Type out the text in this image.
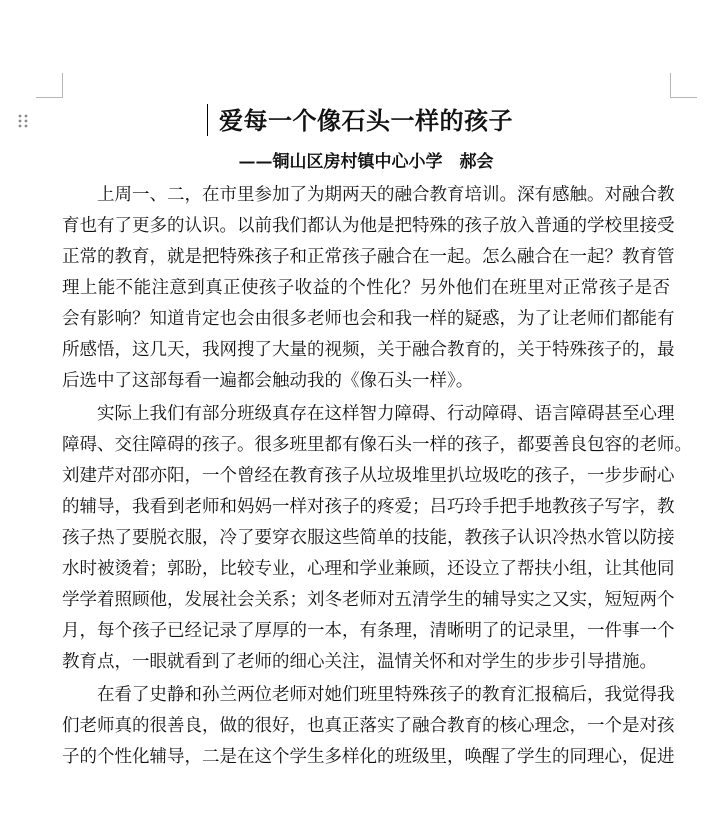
爱每一个像石头一样的孩子
——铜山区房村镇中心小学　郝会

上周一、二，在市里参加了为期两天的融合教育培训。深有感触。对融合教
育也有了更多的认识。以前我们都认为他是把特殊的孩子放入普通的学校里接受
正常的教育，就是把特殊孩子和正常孩子融合在一起。怎么融合在一起？教育管
理上能不能注意到真正使孩子收益的个性化？另外他们在班里对正常孩子是否
会有影响？知道肯定也会由很多老师也会和我一样的疑惑，为了让老师们都能有
所感悟，这几天，我网搜了大量的视频，关于融合教育的，关于特殊孩子的，最
后选中了这部每看一遍都会触动我的《像石头一样》。

实际上我们有部分班级真存在这样智力障碍、行动障碍、语言障碍甚至心理
障碍、交往障碍的孩子。很多班里都有像石头一样的孩子，都要善良包容的老师。
刘建芹对邵亦阳，一个曾经在教育孩子从垃圾堆里扒垃圾吃的孩子，一步步耐心
的辅导，我看到老师和妈妈一样对孩子的疼爱；吕巧玲手把手地教孩子写字，教
孩子热了要脱衣服，冷了要穿衣服这些简单的技能，教孩子认识冷热水管以防接
水时被烫着；郭盼，比较专业，心理和学业兼顾，还设立了帮扶小组，让其他同
学学着照顾他，发展社会关系；刘冬老师对五清学生的辅导实之又实，短短两个
月，每个孩子已经记录了厚厚的一本，有条理，清晰明了的记录里，一件事一个
教育点，一眼就看到了老师的细心关注，温情关怀和对学生的步步引导措施。

在看了史静和孙兰两位老师对她们班里特殊孩子的教育汇报稿后，我觉得我
们老师真的很善良，做的很好，也真正落实了融合教育的核心理念，一个是对孩
子的个性化辅导，二是在这个学生多样化的班级里，唤醒了学生的同理心，促进
